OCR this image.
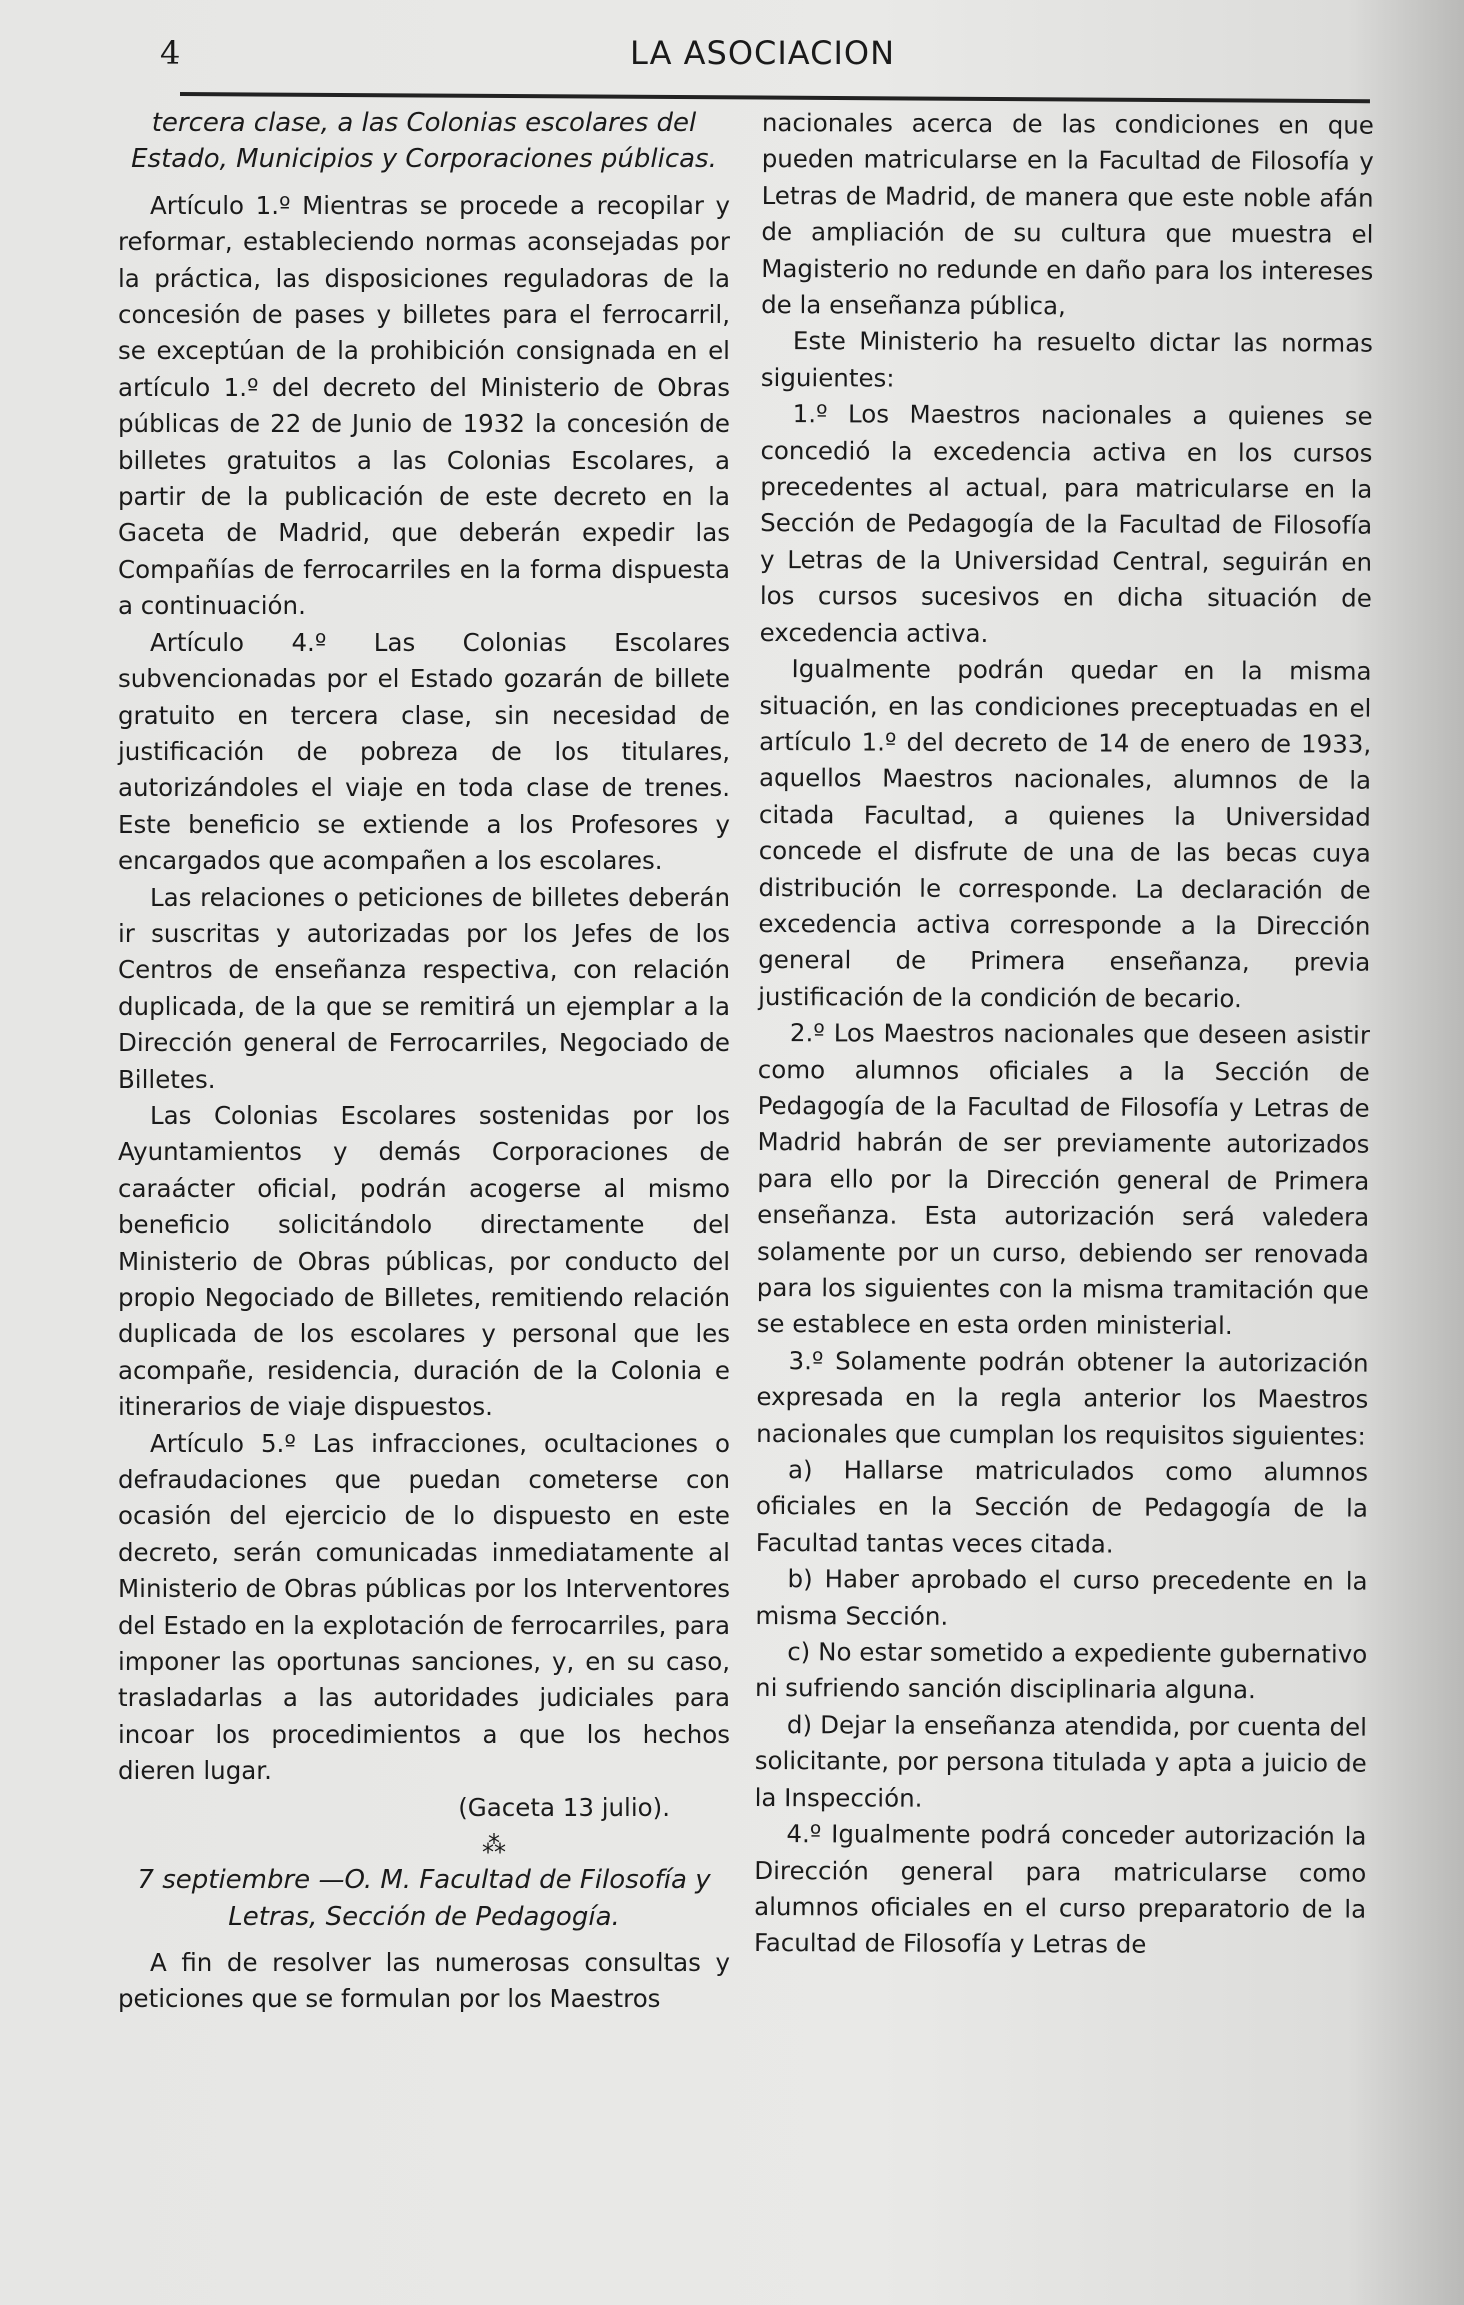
4	LA ASOCIACION

tercera clase, a las Colonias escolares del Estado, Municipios y Corporaciones públicas.

Artículo 1.º Mientras se procede a recopilar y reformar, estableciendo normas aconsejadas por la práctica, las disposiciones reguladoras de la concesión de pases y billetes para el ferrocarril, se exceptúan de la prohibición consignada en el artículo 1.º del decreto del Ministerio de Obras públicas de 22 de Junio de 1932 la concesión de billetes gratuitos a las Colonias Escolares, a partir de la publicación de este decreto en la Gaceta de Madrid, que deberán expedir las Compañías de ferrocarriles en la forma dispuesta a continuación.

Artículo 4.º Las Colonias Escolares subvencionadas por el Estado gozarán de billete gratuito en tercera clase, sin necesidad de justificación de pobreza de los titulares, autorizándoles el viaje en toda clase de trenes. Este beneficio se extiende a los Profesores y encargados que acompañen a los escolares.

Las relaciones o peticiones de billetes deberán ir suscritas y autorizadas por los Jefes de los Centros de enseñanza respectiva, con relación duplicada, de la que se remitirá un ejemplar a la Dirección general de Ferrocarriles, Negociado de Billetes.

Las Colonias Escolares sostenidas por los Ayuntamientos y demás Corporaciones de caraácter oficial, podrán acogerse al mismo beneficio solicitándolo directamente del Ministerio de Obras públicas, por conducto del propio Negociado de Billetes, remitiendo relación duplicada de los escolares y personal que les acompañe, residencia, duración de la Colonia e itinerarios de viaje dispuestos.

Artículo 5.º Las infracciones, ocultaciones o defraudaciones que puedan cometerse con ocasión del ejercicio de lo dispuesto en este decreto, serán comunicadas inmediatamente al Ministerio de Obras públicas por los Interventores del Estado en la explotación de ferrocarriles, para imponer las oportunas sanciones, y, en su caso, trasladarlas a las autoridades judiciales para incoar los procedimientos a que los hechos dieren lugar.

(Gaceta 13 julio).

⁂

7 septiembre —O. M. Facultad de Filosofía y Letras, Sección de Pedagogía.

A fin de resolver las numerosas consultas y peticiones que se formulan por los Maestros

nacionales acerca de las condiciones en que pueden matricularse en la Facultad de Filosofía y Letras de Madrid, de manera que este noble afán de ampliación de su cultura que muestra el Magisterio no redunde en daño para los intereses de la enseñanza pública,

Este Ministerio ha resuelto dictar las normas siguientes:

1.º Los Maestros nacionales a quienes se concedió la excedencia activa en los cursos precedentes al actual, para matricularse en la Sección de Pedagogía de la Facultad de Filosofía y Letras de la Universidad Central, seguirán en los cursos sucesivos en dicha situación de excedencia activa.

Igualmente podrán quedar en la misma situación, en las condiciones preceptuadas en el artículo 1.º del decreto de 14 de enero de 1933, aquellos Maestros nacionales, alumnos de la citada Facultad, a quienes la Universidad concede el disfrute de una de las becas cuya distribución le corresponde. La declaración de excedencia activa corresponde a la Dirección general de Primera enseñanza, previa justificación de la condición de becario.

2.º Los Maestros nacionales que deseen asistir como alumnos oficiales a la Sección de Pedagogía de la Facultad de Filosofía y Letras de Madrid habrán de ser previamente autorizados para ello por la Dirección general de Primera enseñanza. Esta autorización será valedera solamente por un curso, debiendo ser renovada para los siguientes con la misma tramitación que se establece en esta orden ministerial.

3.º Solamente podrán obtener la autorización expresada en la regla anterior los Maestros nacionales que cumplan los requisitos siguientes:

a) Hallarse matriculados como alumnos oficiales en la Sección de Pedagogía de la Facultad tantas veces citada.

b) Haber aprobado el curso precedente en la misma Sección.

c) No estar sometido a expediente gubernativo ni sufriendo sanción disciplinaria alguna.

d) Dejar la enseñanza atendida, por cuenta del solicitante, por persona titulada y apta a juicio de la Inspección.

4.º Igualmente podrá conceder autorización la Dirección general para matricularse como alumnos oficiales en el curso preparatorio de la Facultad de Filosofía y Letras de
